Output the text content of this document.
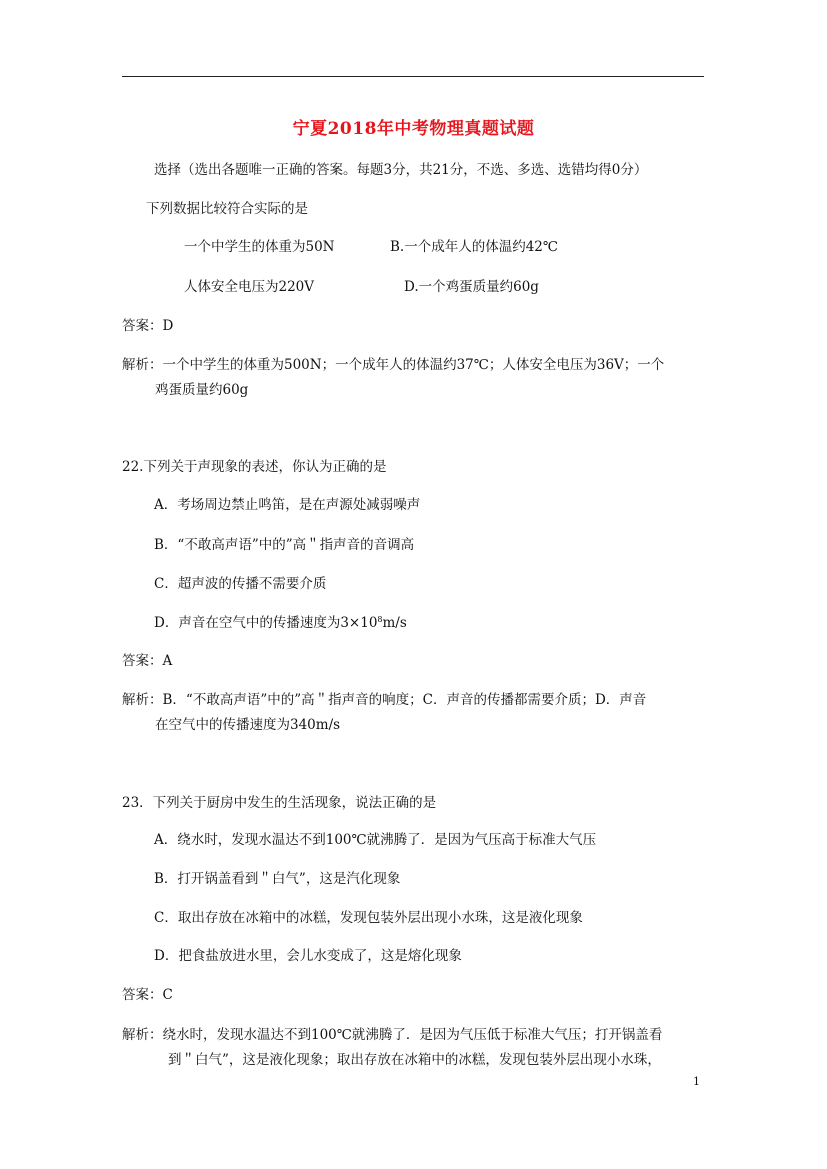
宁夏2018年中考物理真题试题
选择（选出各题唯一正确的答案。每题3分，共21分，不选、多选、选错均得0分）
下列数据比较符合实际的是
一个中学生的体重为50N	B.一个成年人的体温约42℃
人体安全电压为220V	D.一个鸡蛋质量约60g
答案：D
解析：一个中学生的体重为500N；一个成年人的体温约37℃；人体安全电压为36V；一个
鸡蛋质量约60g
22.下列关于声现象的表述，你认为正确的是
A．考场周边禁止鸣笛，是在声源处减弱噪声
B．“不敢高声语”中的”高＂指声音的音调高
C．超声波的传播不需要介质
D．声音在空气中的传播速度为$3\times 10^8m/s$
答案：A
解析：B．“不敢高声语”中的”高＂指声音的响度；C．声音的传播都需要介质；D．声音
在空气中的传播速度为340m/s
23．下列关于厨房中发生的生活现象，说法正确的是
A．绕水时，发现水温达不到100℃就沸腾了．是因为气压高于标准大气压
B．打开锅盖看到＂白气”，这是汽化现象
C．取出存放在冰箱中的冰糕，发现包装外层出现小水珠，这是液化现象
D．把食盐放进水里，会儿水变成了，这是熔化现象
答案：C
解析：绕水时，发现水温达不到100℃就沸腾了．是因为气压低于标准大气压；打开锅盖看
到＂白气”，这是液化现象；取出存放在冰箱中的冰糕，发现包装外层出现小水珠，
1
